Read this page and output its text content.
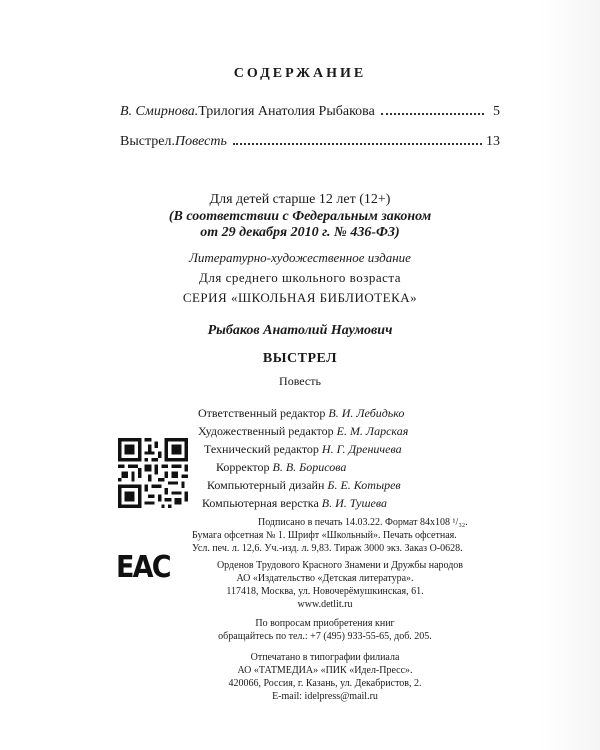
СОДЕРЖАНИЕ
В. Смирнова. Трилогия Анатолия Рыбакова	5
Выстрел. Повесть	13
Для детей старше 12 лет (12+)
(В соответствии с Федеральным законом
от 29 декабря 2010 г. № 436-ФЗ)
Литературно-художественное издание
Для среднего школьного возраста
СЕРИЯ «ШКОЛЬНАЯ БИБЛИОТЕКА»
Рыбаков Анатолий Наумович
ВЫСТРЕЛ
Повесть
Ответственный редактор В. И. Лебидько
Художественный редактор Е. М. Ларская
Технический редактор Н. Г. Дреничева
Корректор В. В. Борисова
Компьютерный дизайн Б. Е. Котырев
Компьютерная верстка В. И. Тушева
Подписано в печать 14.03.22. Формат 84x108 ¹/₃₂.
Бумага офсетная № 1. Шрифт «Школьный». Печать офсетная.
Усл. печ. л. 12,6. Уч.-изд. л. 9,83. Тираж 3000 экз. Заказ О-0628.
ЕАС	Орденов Трудового Красного Знамени и Дружбы народов
АО «Издательство «Детская литература».
117418, Москва, ул. Новочерёмушкинская, 61.
www.detlit.ru
По вопросам приобретения книг
обращайтесь по тел.: +7 (495) 933-55-65, доб. 205.
Отпечатано в типографии филиала
АО «ТАТМЕДИА» «ПИК «Идел-Пресс».
420066, Россия, г. Казань, ул. Декабристов, 2.
E-mail: idelpress@mail.ru
